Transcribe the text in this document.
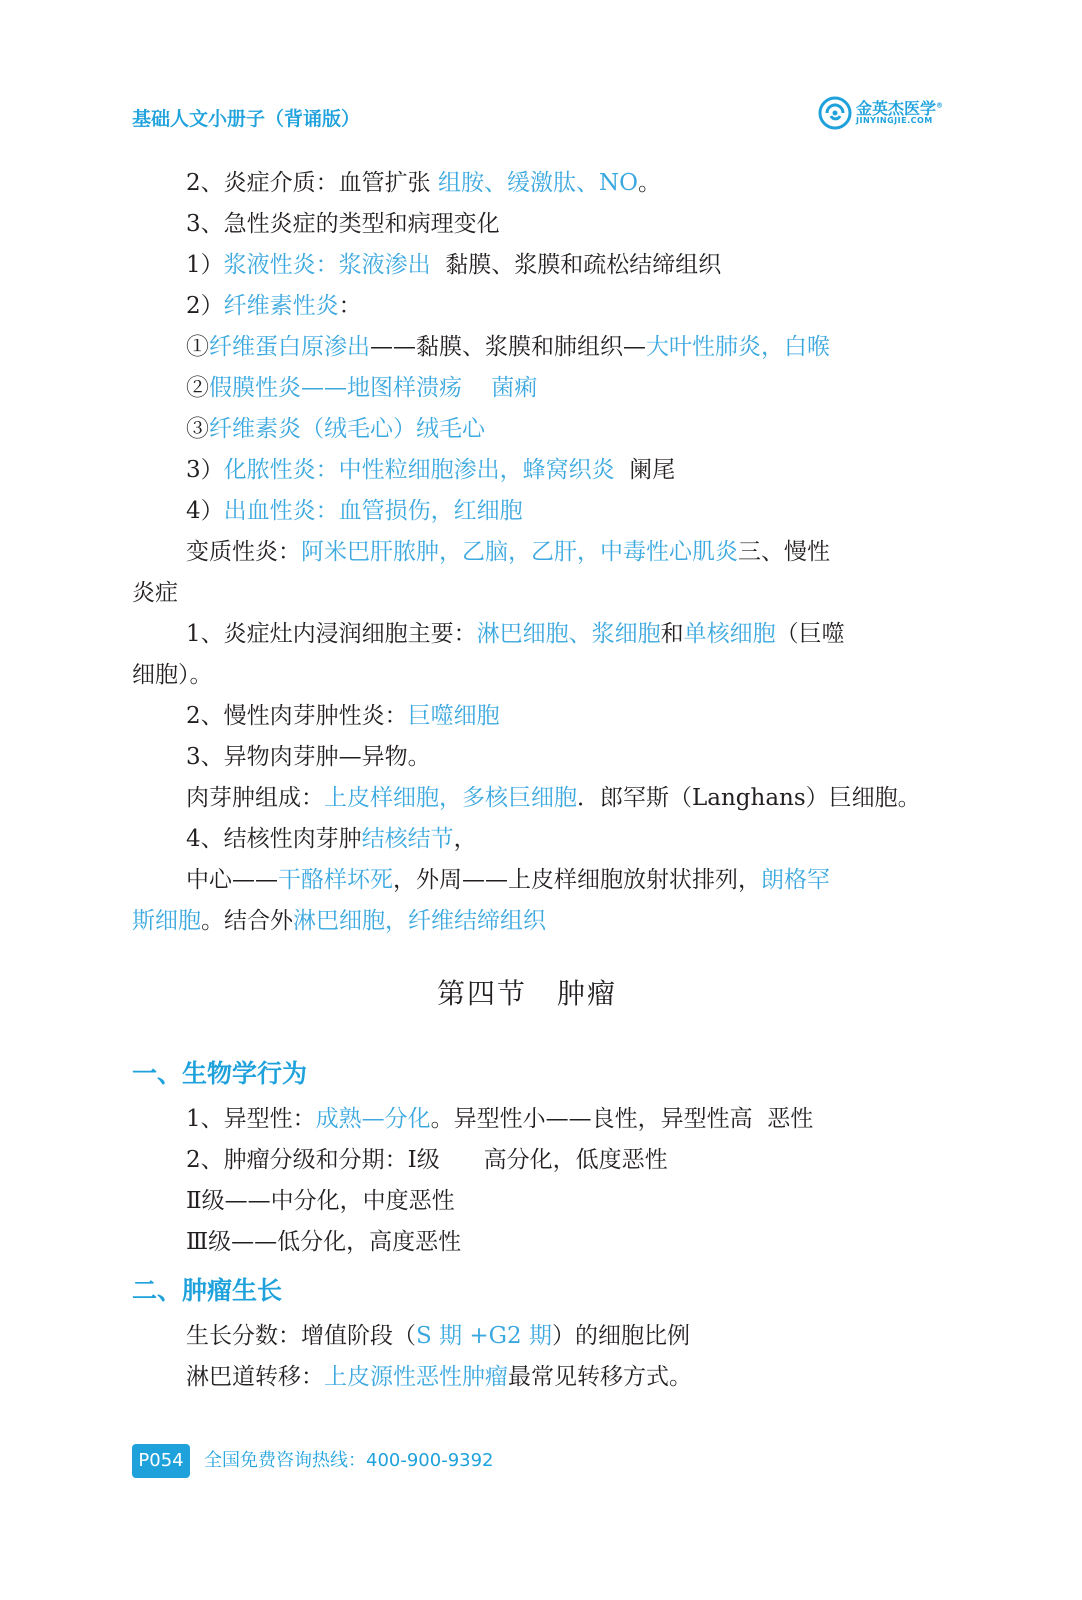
基础人文小册子（背诵版）	金英杰医学®
JINYINGJIE.COM
2、炎症介质：血管扩张 组胺、缓激肽、NO。
3、急性炎症的类型和病理变化
1）浆液性炎：浆液渗出  黏膜、浆膜和疏松结缔组织
2）纤维素性炎：
①纤维蛋白原渗出——黏膜、浆膜和肺组织—大叶性肺炎，白喉
②假膜性炎——地图样溃疡 菌痢
③纤维素炎（绒毛心）绒毛心
3）化脓性炎：中性粒细胞渗出，蜂窝织炎  阑尾
4）出血性炎：血管损伤，红细胞
变质性炎：阿米巴肝脓肿，乙脑，乙肝，中毒性心肌炎三、慢性
炎症
1、炎症灶内浸润细胞主要：淋巴细胞、浆细胞和单核细胞（巨噬
细胞）。
2、慢性肉芽肿性炎：巨噬细胞
3、异物肉芽肿—异物。
肉芽肿组成：上皮样细胞，多核巨细胞．郎罕斯（Langhans）巨细胞。
4、结核性肉芽肿结核结节，
中心——干酪样坏死，外周——上皮样细胞放射状排列，朗格罕
斯细胞。结合外淋巴细胞，纤维结缔组织
第四节　肿瘤
一、生物学行为
1、异型性：成熟—分化。异型性小——良性，异型性高  恶性
2、肿瘤分级和分期：Ⅰ级      高分化，低度恶性
Ⅱ级——中分化，中度恶性
Ⅲ级——低分化，高度恶性
二、肿瘤生长
生长分数：增值阶段（S 期 +G2 期）的细胞比例
淋巴道转移：上皮源性恶性肿瘤最常见转移方式。
P054	全国免费咨询热线：400-900-9392
